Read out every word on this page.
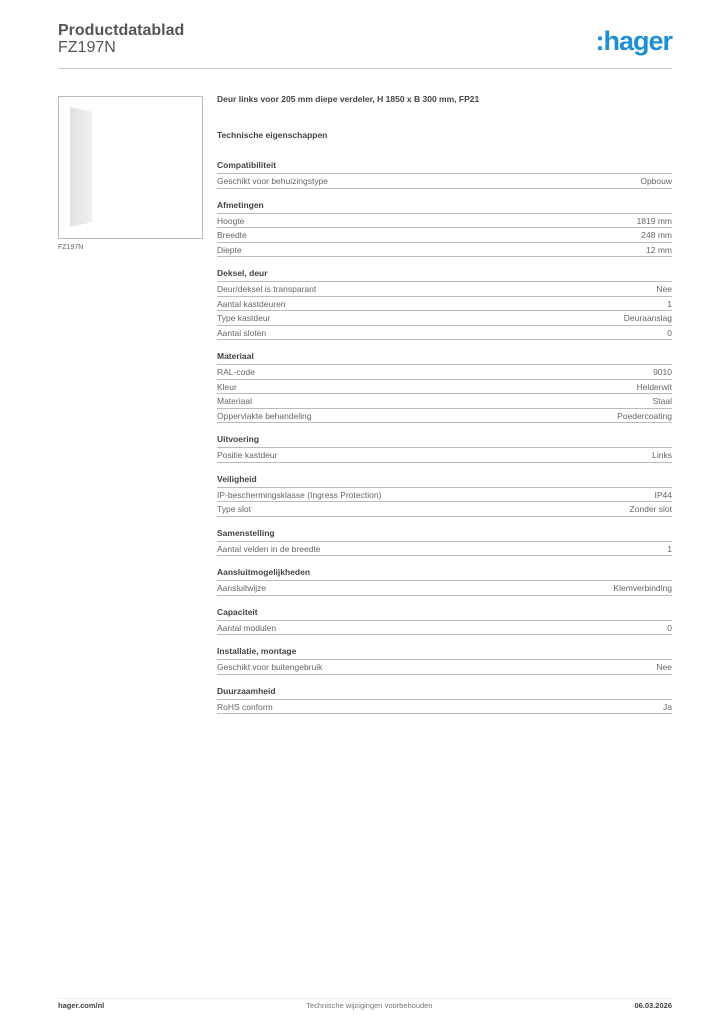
Productdatablad
FZ197N	:hager
FZ197N
Deur links voor 205 mm diepe verdeler, H 1850 x B 300 mm, FP21
Technische eigenschappen
Compatibiliteit
Geschikt voor behuizingstype	Opbouw
Afmetingen
Hoogte	1819 mm
Breedte	248 mm
Diepte	12 mm
Deksel, deur
Deur/deksel is transparant	Nee
Aantal kastdeuren	1
Type kastdeur	Deuraanslag
Aantal sloten	0
Materiaal
RAL-code	9010
Kleur	Helderwit
Materiaal	Staal
Oppervlakte behandeling	Poedercoating
Uitvoering
Positie kastdeur	Links
Veiligheid
IP-beschermingsklasse (Ingress Protection)	IP44
Type slot	Zonder slot
Samenstelling
Aantal velden in de breedte	1
Aansluitmogelijkheden
Aansluitwijze	Klemverbinding
Capaciteit
Aantal modulen	0
Installatie, montage
Geschikt voor buitengebruik	Nee
Duurzaamheid
RoHS conform	Ja
hager.com/nl	Technische wijzigingen voorbehouden	06.03.2026
